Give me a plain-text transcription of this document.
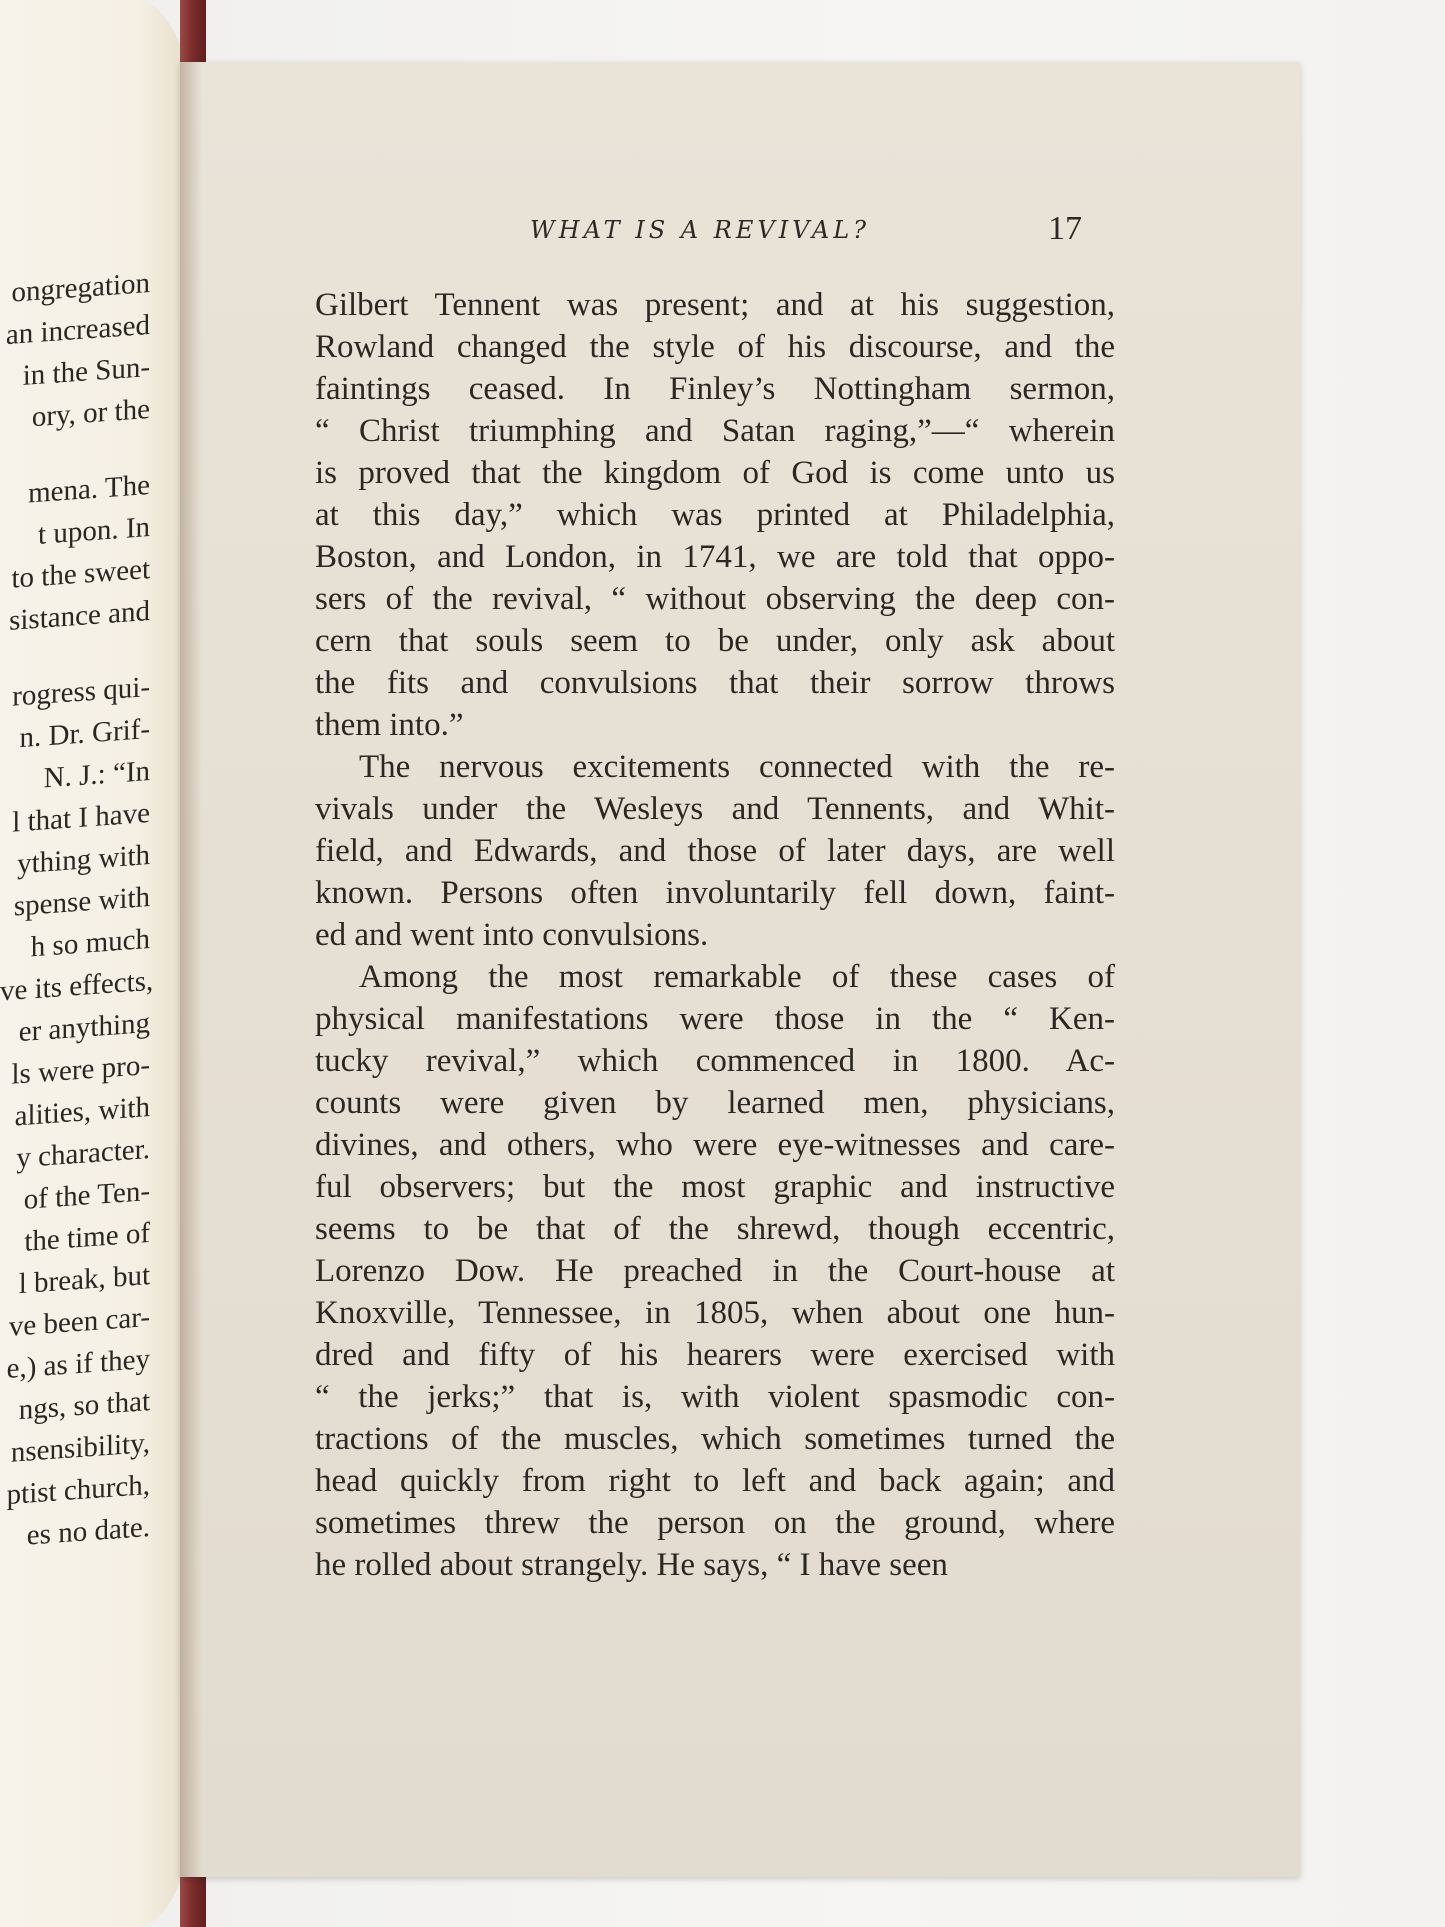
ongregation
an increased
in the Sun-
ory, or the
mena. The
t upon. In
to the sweet
sistance and
rogress qui-
n. Dr. Grif-
N. J.: “In
l that I have
ything with
spense with
h so much
ve its effects,
er anything
ls were pro-
alities, with
y character.
of the Ten-
the time of
l break, but
ve been car-
e,) as if they
ngs, so that
nsensibility,
ptist church,
es no date.
WHAT IS A REVIVAL?	17
Gilbert Tennent was present; and at his suggestion,
Rowland changed the style of his discourse, and the
faintings ceased. In Finley’s Nottingham sermon,
“ Christ triumphing and Satan raging,”—“ wherein
is proved that the kingdom of God is come unto us
at this day,” which was printed at Philadelphia,
Boston, and London, in 1741, we are told that oppo-
sers of the revival, “ without observing the deep con-
cern that souls seem to be under, only ask about
the fits and convulsions that their sorrow throws
them into.”
The nervous excitements connected with the re-
vivals under the Wesleys and Tennents, and Whit-
field, and Edwards, and those of later days, are well
known. Persons often involuntarily fell down, faint-
ed and went into convulsions.
Among the most remarkable of these cases of
physical manifestations were those in the “ Ken-
tucky revival,” which commenced in 1800. Ac-
counts were given by learned men, physicians,
divines, and others, who were eye-witnesses and care-
ful observers; but the most graphic and instructive
seems to be that of the shrewd, though eccentric,
Lorenzo Dow. He preached in the Court-house at
Knoxville, Tennessee, in 1805, when about one hun-
dred and fifty of his hearers were exercised with
“ the jerks;” that is, with violent spasmodic con-
tractions of the muscles, which sometimes turned the
head quickly from right to left and back again; and
sometimes threw the person on the ground, where
he rolled about strangely. He says, “ I have seen
